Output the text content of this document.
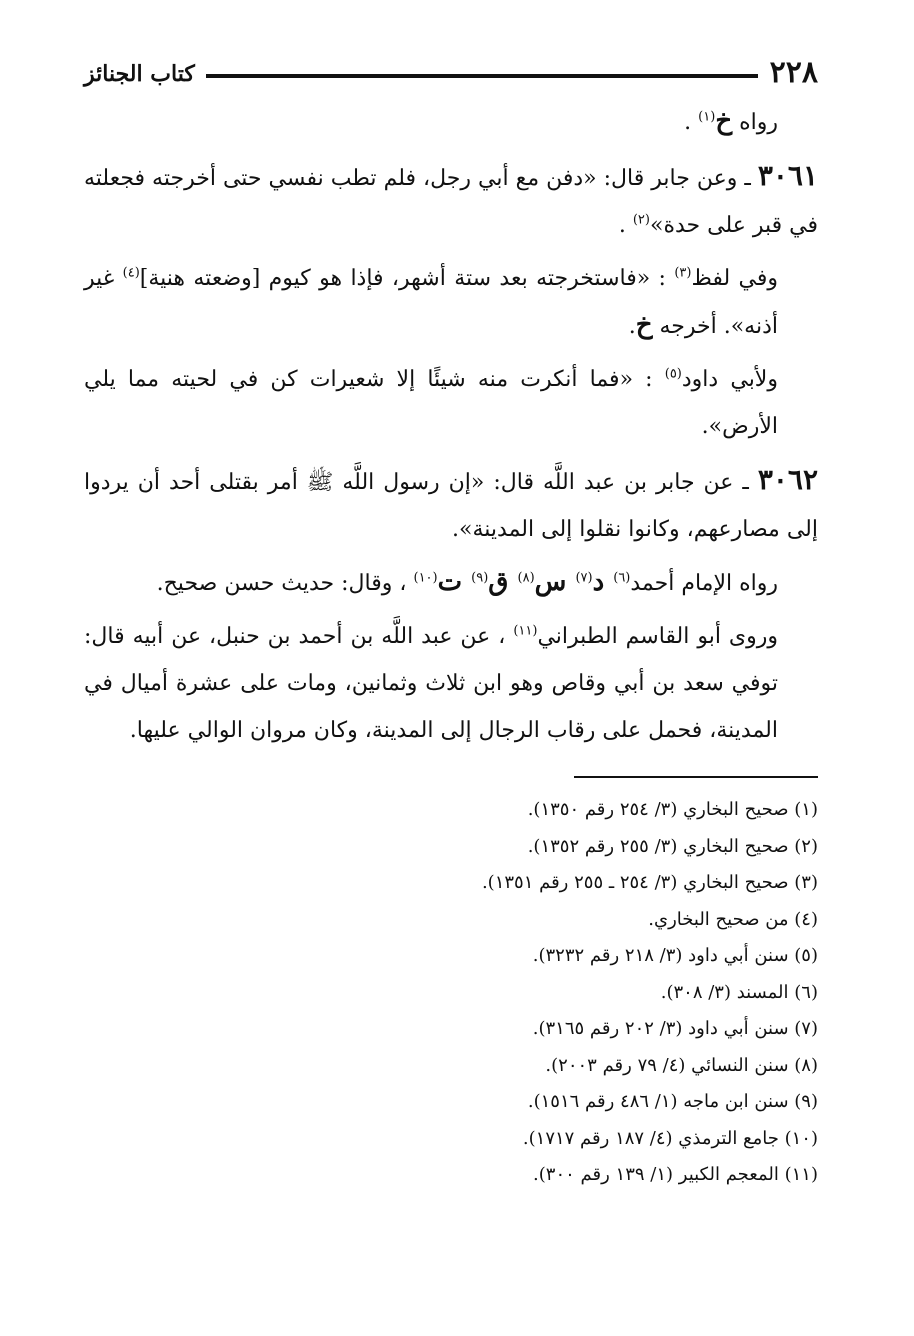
٢٢٨
كتاب الجنائز

رواه خ$^{(١)}$ .

٣٠٦١ ـ وعن جابر قال: «دفن مع أبي رجل، فلم تطب نفسي حتى أخرجته فجعلته في قبر على حدة»$^{(٢)}$ .

وفي لفظ$^{(٣)}$ : «فاستخرجته بعد ستة أشهر، فإذا هو كيوم [وضعته هنية]$^{(٤)}$ غير أذنه». أخرجه خ.

ولأبي داود$^{(٥)}$ : «فما أنكرت منه شيئًا إلا شعيرات كن في لحيته مما يلي الأرض».

٣٠٦٢ ـ عن جابر بن عبد اللَّه قال: «إن رسول اللَّه ﷺ أمر بقتلى أحد أن يردوا إلى مصارعهم، وكانوا نقلوا إلى المدينة».

رواه الإمام أحمد$^{(٦)}$ د$^{(٧)}$ س$^{(٨)}$ ق$^{(٩)}$ ت$^{(١٠)}$ ، وقال: حديث حسن صحيح.

وروى أبو القاسم الطبراني$^{(١١)}$ ، عن عبد اللَّه بن أحمد بن حنبل، عن أبيه قال: توفي سعد بن أبي وقاص وهو ابن ثلاث وثمانين، ومات على عشرة أميال في المدينة، فحمل على رقاب الرجال إلى المدينة، وكان مروان الوالي عليها.

(١) صحيح البخاري (٣/ ٢٥٤ رقم ١٣٥٠).
(٢) صحيح البخاري (٣/ ٢٥٥ رقم ١٣٥٢).
(٣) صحيح البخاري (٣/ ٢٥٤ ـ ٢٥٥ رقم ١٣٥١).
(٤) من صحيح البخاري.
(٥) سنن أبي داود (٣/ ٢١٨ رقم ٣٢٣٢).
(٦) المسند (٣/ ٣٠٨).
(٧) سنن أبي داود (٣/ ٢٠٢ رقم ٣١٦٥).
(٨) سنن النسائي (٤/ ٧٩ رقم ٢٠٠٣).
(٩) سنن ابن ماجه (١/ ٤٨٦ رقم ١٥١٦).
(١٠) جامع الترمذي (٤/ ١٨٧ رقم ١٧١٧).
(١١) المعجم الكبير (١/ ١٣٩ رقم ٣٠٠).
